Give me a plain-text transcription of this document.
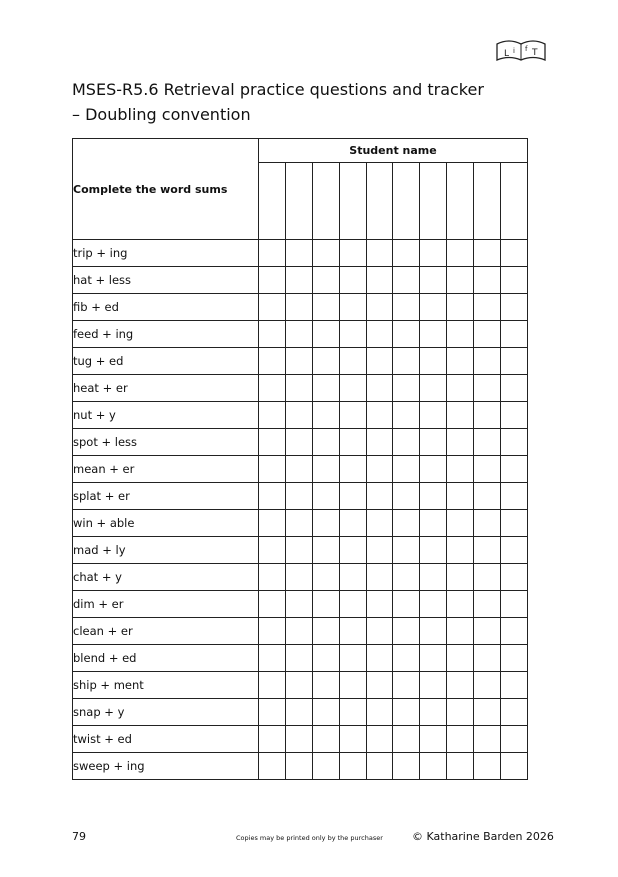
L i f T
MSES-R5.6 Retrieval practice questions and tracker
– Doubling convention
Complete the word sums	Student name									

trip + ing										
hat + less										
fib + ed										
feed + ing										
tug + ed										
heat + er										
nut + y										
spot + less										
mean + er										
splat + er										
win + able										
mad + ly										
chat + y										
dim + er										
clean + er										
blend + ed										
ship + ment										
snap + y										
twist + ed										
sweep + ing										
79	Copies may be printed only by the purchaser	© Katharine Barden 2026
